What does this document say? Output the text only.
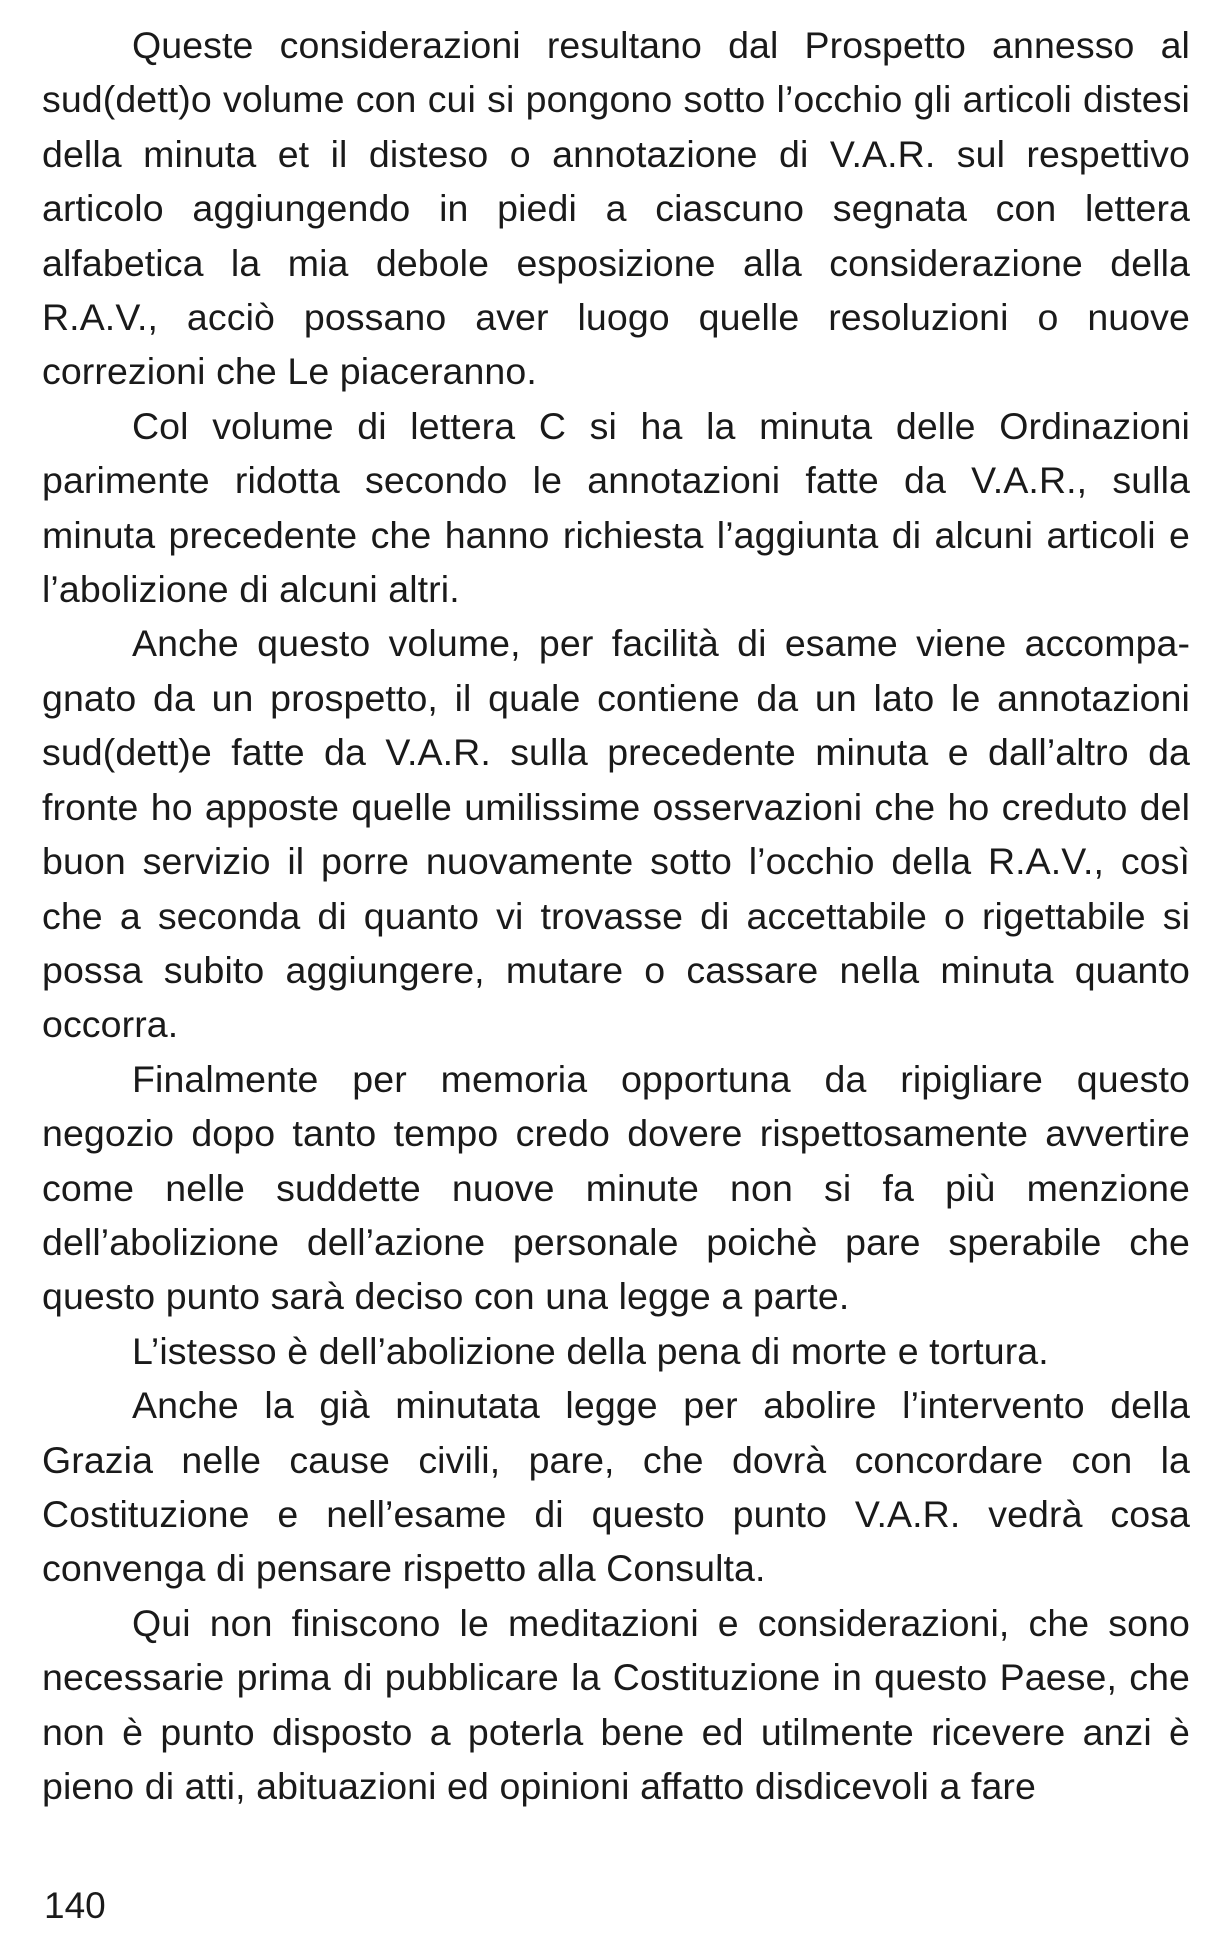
Queste considerazioni resultano dal Prospetto annesso al sud(dett)o volume con cui si pongono sotto l’occhio gli articoli distesi della minuta et il disteso o annotazione di V.A.R. sul respettivo articolo aggiungendo in piedi a ciascuno segnata con lettera alfabetica la mia debole esposizione alla considerazione della R.A.V., acciò possano aver luogo quelle resoluzioni o nuove correzioni che Le piaceranno.

Col volume di lettera C si ha la minuta delle Ordinazioni parimente ridotta secondo le annotazioni fatte da V.A.R., sulla minuta precedente che hanno richiesta l’aggiunta di alcuni articoli e l’abolizione di alcuni altri.

Anche questo volume, per facilità di esame viene accompagnato da un prospetto, il quale contiene da un lato le annotazioni sud(dett)e fatte da V.A.R. sulla precedente minuta e dall’altro da fronte ho apposte quelle umilissime osservazioni che ho creduto del buon servizio il porre nuovamente sotto l’occhio della R.A.V., così che a seconda di quanto vi trovasse di accettabile o rigettabile si possa subito aggiungere, mutare o cassare nella minuta quanto occorra.

Finalmente per memoria opportuna da ripigliare questo negozio dopo tanto tempo credo dovere rispettosamente avvertire come nelle suddette nuove minute non si fa più menzione dell’abolizione dell’azione personale poichè pare sperabile che questo punto sarà deciso con una legge a parte.

L’istesso è dell’abolizione della pena di morte e tortura.

Anche la già minutata legge per abolire l’intervento della Grazia nelle cause civili, pare, che dovrà concordare con la Costituzione e nell’esame di questo punto V.A.R. vedrà cosa convenga di pensare rispetto alla Consulta.

Qui non finiscono le meditazioni e considerazioni, che sono necessarie prima di pubblicare la Costituzione in questo Paese, che non è punto disposto a poterla bene ed utilmente ricevere anzi è pieno di atti, abituazioni ed opinioni affatto disdicevoli a fare

140
